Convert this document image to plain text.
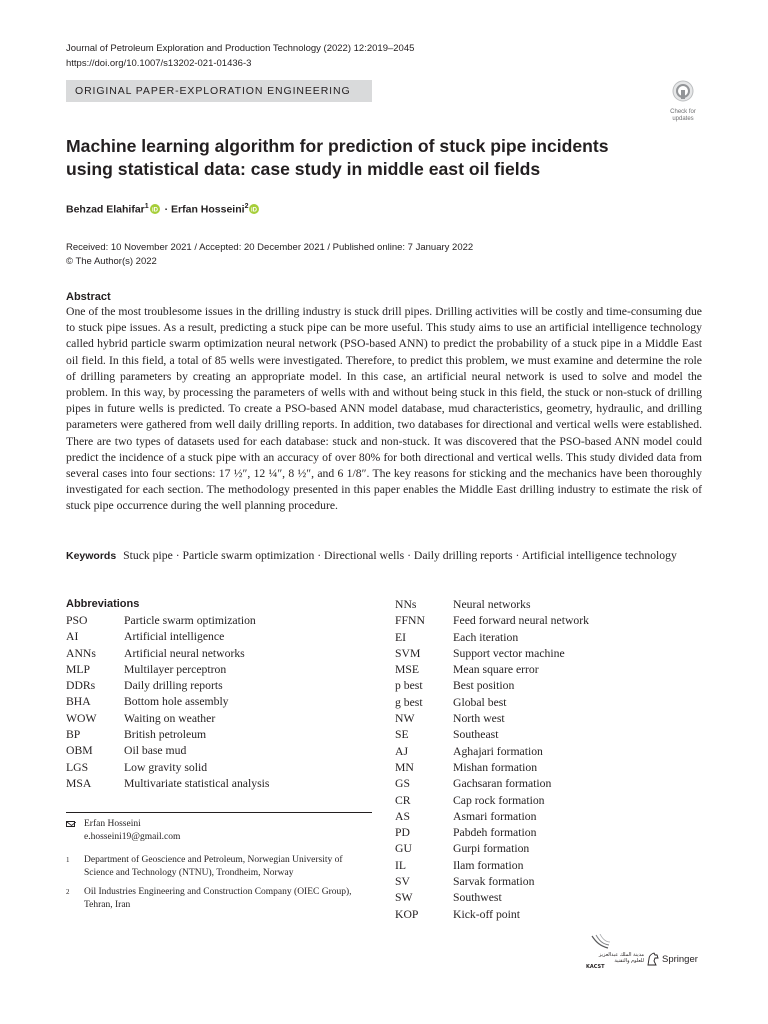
Journal of Petroleum Exploration and Production Technology (2022) 12:2019–2045
https://doi.org/10.1007/s13202-021-01436-3
ORIGINAL PAPER-EXPLORATION ENGINEERING
Check for
updates
Machine learning algorithm for prediction of stuck pipe incidents
using statistical data: case study in middle east oil fields
Behzad Elahifar$^1$
iD · Erfan Hosseini$^2$
iD
Received: 10 November 2021 / Accepted: 20 December 2021 / Published online: 7 January 2022
© The Author(s) 2022
Abstract
One of the most troublesome issues in the drilling industry is stuck drill pipes. Drilling activities will be costly and time-consuming due to stuck pipe issues. As a result, predicting a stuck pipe can be more useful. This study aims to use an artificial intelligence technology called hybrid particle swarm optimization neural network (PSO-based ANN) to predict the probability of a stuck pipe in a Middle East oil field. In this field, a total of 85 wells were investigated. Therefore, to predict this problem, we must examine and determine the role of drilling parameters by creating an appropriate model. In this case, an artificial neural network is used to solve and model the problem. In this way, by processing the parameters of wells with and without being stuck in this field, the stuck or non-stuck of drilling pipes in future wells is predicted. To create a PSO-based ANN model database, mud characteristics, geometry, hydraulic, and drilling parameters were gathered from well daily drilling reports. In addition, two databases for directional and vertical wells were established. There are two types of datasets used for each database: stuck and non-stuck. It was discovered that the PSO-based ANN model could predict the incidence of a stuck pipe with an accuracy of over 80% for both directional and vertical wells. This study divided data from several cases into four sections: 17 ½″, 12 ¼″, 8 ½″, and 6 1/8″. The key reasons for sticking and the mechanics have been thoroughly investigated for each section. The methodology presented in this paper enables the Middle East drilling industry to estimate the risk of stuck pipe occurrence during the well planning procedure.
Keywords Stuck pipe · Particle swarm optimization · Directional wells · Daily drilling reports · Artificial intelligence technology
Abbreviations
PSO	Particle swarm optimization
AI	Artificial intelligence
ANNs Artificial neural networks
MLP	Multilayer perceptron
DDRs Daily drilling reports
BHA	Bottom hole assembly
WOW Waiting on weather
BP	British petroleum
OBM	Oil base mud
LGS	Low gravity solid
MSA	Multivariate statistical analysis
NNs	Neural networks
FFNN Feed forward neural network
EI	Each iteration
SVM	Support vector machine
MSE	Mean square error
p best	Best position
g best	Global best
NW	North west
SE	Southeast
AJ	Aghajari formation
MN	Mishan formation
GS	Gachsaran formation
CR	Cap rock formation
AS	Asmari formation
PD	Pabdeh formation
GU	Gurpi formation
IL	Ilam formation
SV	Sarvak formation
SW	Southwest
KOP	Kick-off point
Erfan Hosseini
e.hosseini19@gmail.com
1 Department of Geoscience and Petroleum, Norwegian University of Science and Technology (NTNU), Trondheim, Norway
2 Oil Industries Engineering and Construction Company (OIEC Group), Tehran, Iran
مدينة الملك عبدالعزيز
للعلوم والتقنية
KACST
Springer
